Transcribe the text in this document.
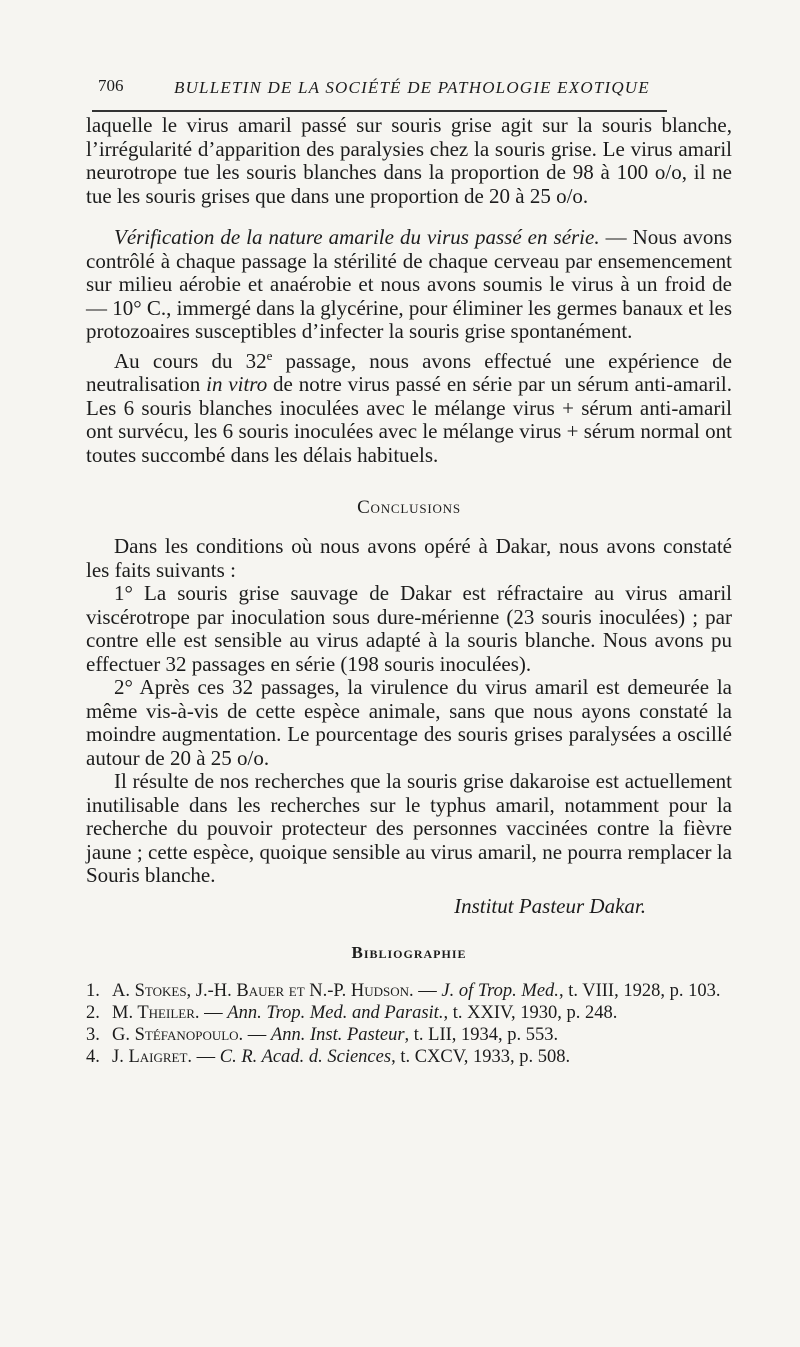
706	BULLETIN DE LA SOCIÉTÉ DE PATHOLOGIE EXOTIQUE

laquelle le virus amaril passé sur souris grise agit sur la souris blanche, l’irrégularité d’apparition des paralysies chez la souris grise. Le virus amaril neurotrope tue les souris blanches dans la proportion de 98 à 100 o/o, il ne tue les souris grises que dans une proportion de 20 à 25 o/o.

Vérification de la nature amarile du virus passé en série. — Nous avons contrôlé à chaque passage la stérilité de chaque cerveau par ensemencement sur milieu aérobie et anaérobie et nous avons soumis le virus à un froid de — 10° C., immergé dans la glycérine, pour éliminer les germes banaux et les protozoaires susceptibles d’infecter la souris grise spontanément.

Au cours du 32e passage, nous avons effectué une expérience de neutralisation in vitro de notre virus passé en série par un sérum anti-amaril. Les 6 souris blanches inoculées avec le mélange virus + sérum anti-amaril ont survécu, les 6 souris inoculées avec le mélange virus + sérum normal ont toutes succombé dans les délais habituels.

Conclusions

Dans les conditions où nous avons opéré à Dakar, nous avons constaté les faits suivants :

1° La souris grise sauvage de Dakar est réfractaire au virus amaril viscérotrope par inoculation sous dure-mérienne (23 souris inoculées) ; par contre elle est sensible au virus adapté à la souris blanche. Nous avons pu effectuer 32 passages en série (198 souris inoculées).

2° Après ces 32 passages, la virulence du virus amaril est demeurée la même vis-à-vis de cette espèce animale, sans que nous ayons constaté la moindre augmentation. Le pourcentage des souris grises paralysées a oscillé autour de 20 à 25 o/o.

Il résulte de nos recherches que la souris grise dakaroise est actuellement inutilisable dans les recherches sur le typhus amaril, notamment pour la recherche du pouvoir protecteur des personnes vaccinées contre la fièvre jaune ; cette espèce, quoique sensible au virus amaril, ne pourra remplacer la Souris blanche.

Institut Pasteur Dakar.
Bibliographie
1. A. Stokes, J.-H. Bauer et N.-P. Hudson. — J. of Trop. Med., t. VIII, 1928, p. 103.
2. M. Theiler. — Ann. Trop. Med. and Parasit., t. XXIV, 1930, p. 248.
3. G. Stéfanopoulo. — Ann. Inst. Pasteur, t. LII, 1934, p. 553.
4. J. Laigret. — C. R. Acad. d. Sciences, t. CXCV, 1933, p. 508.
